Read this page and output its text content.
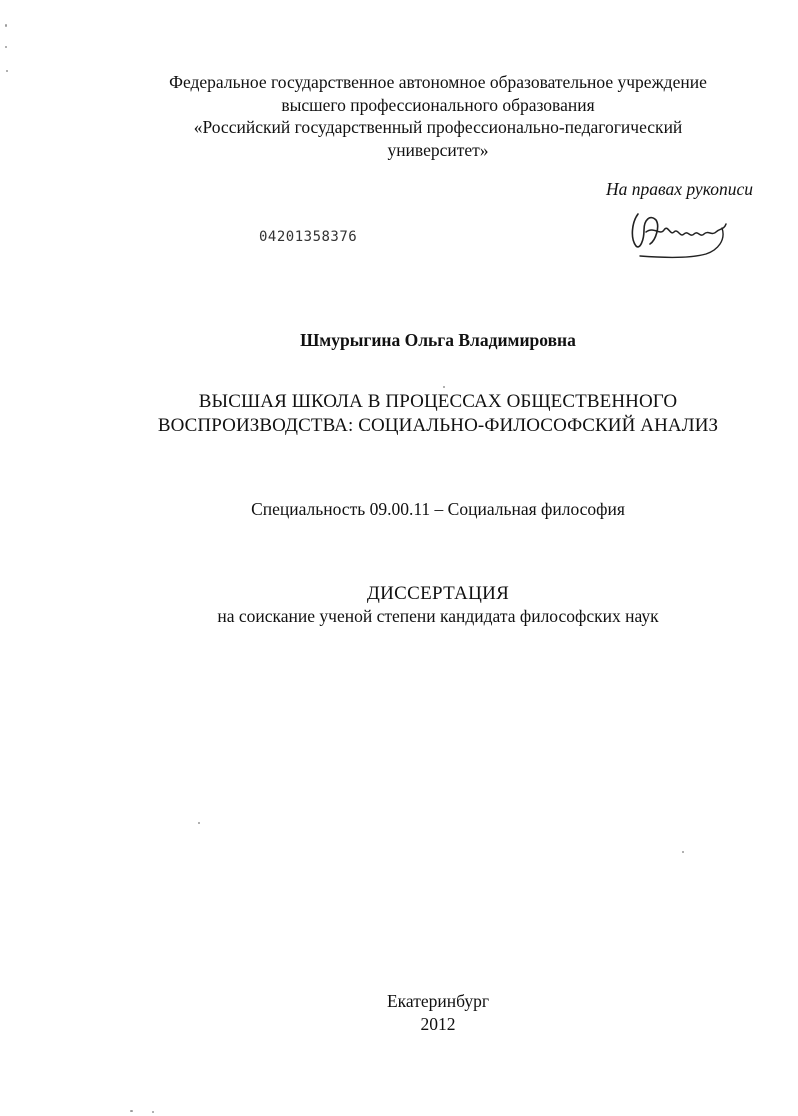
Федеральное государственное автономное образовательное учреждение
высшего профессионального образования
«Российский государственный профессионально-педагогический
университет»
На правах рукописи
04201358376
Шмурыгина Ольга Владимировна
ВЫСШАЯ ШКОЛА В ПРОЦЕССАХ ОБЩЕСТВЕННОГО
ВОСПРОИЗВОДСТВА: СОЦИАЛЬНО-ФИЛОСОФСКИЙ АНАЛИЗ
Специальность 09.00.11 – Социальная философия
ДИССЕРТАЦИЯ
на соискание ученой степени кандидата философских наук
Екатеринбург
2012
